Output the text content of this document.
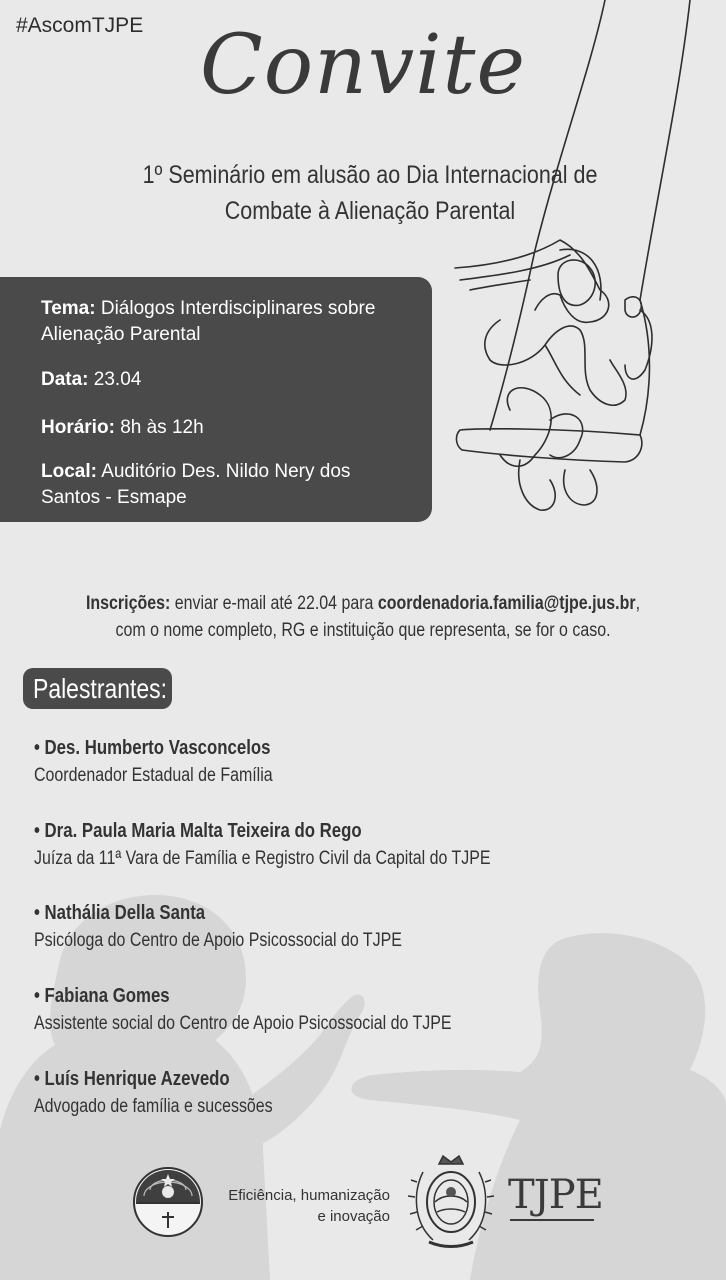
#AscomTJPE Convite
1º Seminário em alusão ao Dia Internacional de
Combate à Alienação Parental
Tema: Diálogos Interdisciplinares sobre
Alienação Parental
Data: 23.04
Horário: 8h às 12h
Local: Auditório Des. Nildo Nery dos
Santos - Esmape
Inscrições: enviar e-mail até 22.04 para coordenadoria.familia@tjpe.jus.br,
com o nome completo, RG e instituição que representa, se for o caso.
Palestrantes:
• Des. Humberto Vasconcelos
Coordenador Estadual de Família
• Dra. Paula Maria Malta Teixeira do Rego
Juíza da 11ª Vara de Família e Registro Civil da Capital do TJPE
• Nathália Della Santa
Psicóloga do Centro de Apoio Psicossocial do TJPE
• Fabiana Gomes
Assistente social do Centro de Apoio Psicossocial do TJPE
• Luís Henrique Azevedo
Advogado de família e sucessões
Eficiência, humanização
e inovação	TJPE
